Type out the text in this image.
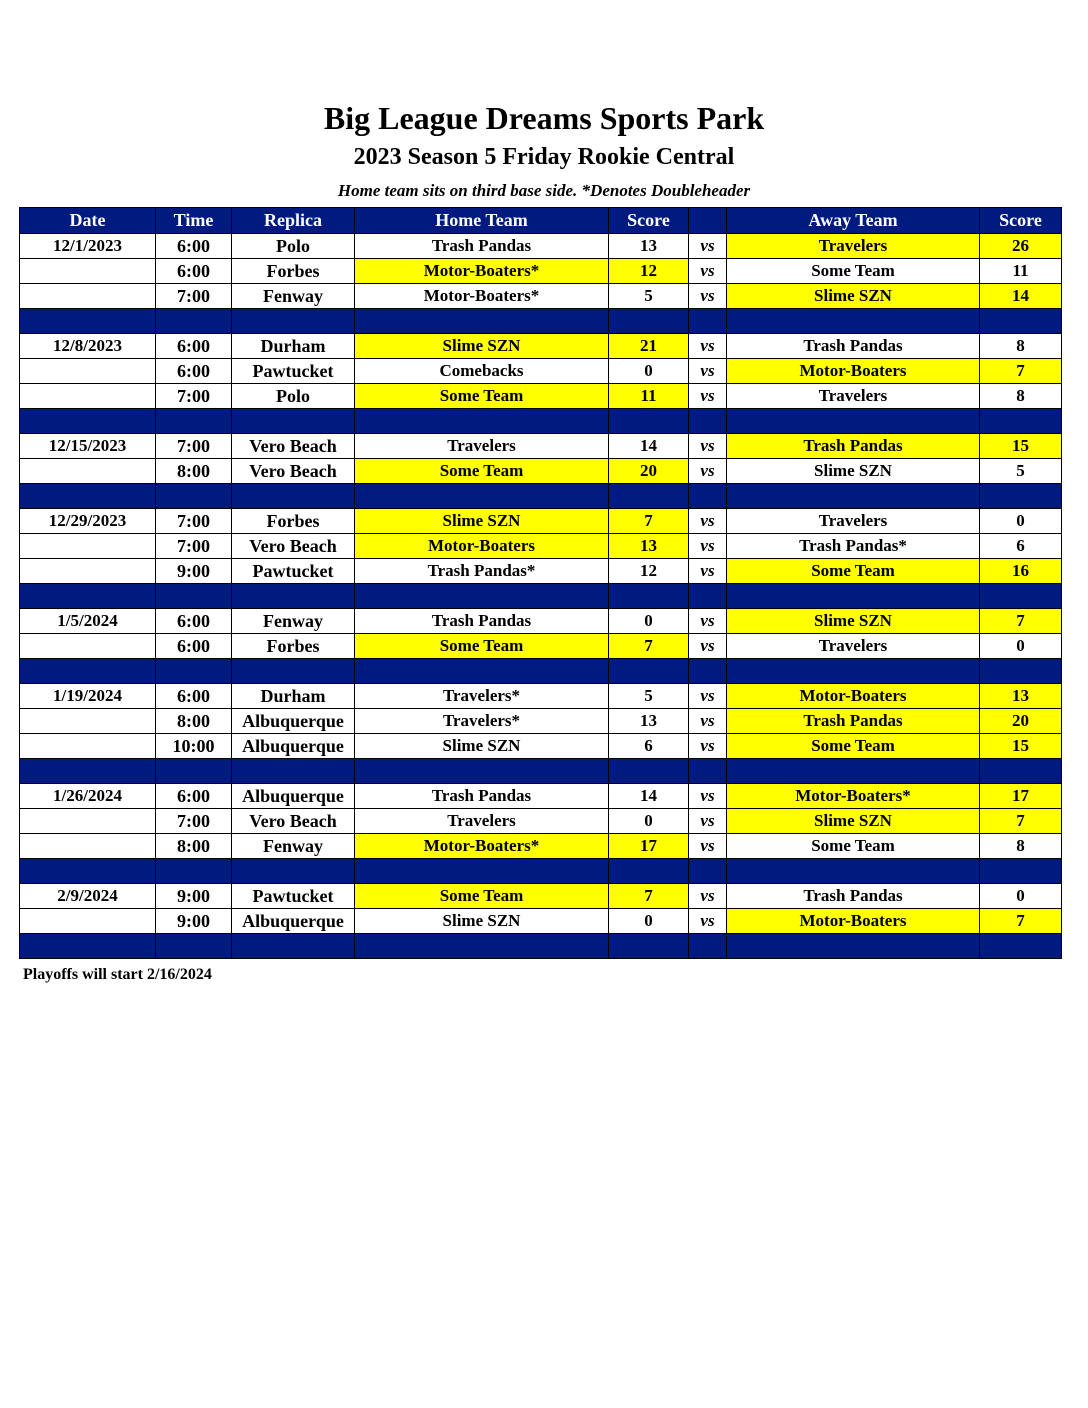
Big League Dreams Sports Park
2023 Season 5 Friday Rookie Central
Home team sits on third base side. *Denotes Doubleheader
Date	Time	Replica	Home Team	Score		Away Team	Score
12/1/2023	6:00	Polo	Trash Pandas	13	vs	Travelers	26
	6:00	Forbes	Motor-Boaters*	12	vs	Some Team	11
	7:00	Fenway	Motor-Boaters*	5	vs	Slime SZN	14

12/8/2023	6:00	Durham	Slime SZN	21	vs	Trash Pandas	8
	6:00	Pawtucket	Comebacks	0	vs	Motor-Boaters	7
	7:00	Polo	Some Team	11	vs	Travelers	8

12/15/2023	7:00	Vero Beach	Travelers	14	vs	Trash Pandas	15
	8:00	Vero Beach	Some Team	20	vs	Slime SZN	5

12/29/2023	7:00	Forbes	Slime SZN	7	vs	Travelers	0
	7:00	Vero Beach	Motor-Boaters	13	vs	Trash Pandas*	6
	9:00	Pawtucket	Trash Pandas*	12	vs	Some Team	16

1/5/2024	6:00	Fenway	Trash Pandas	0	vs	Slime SZN	7
	6:00	Forbes	Some Team	7	vs	Travelers	0

1/19/2024	6:00	Durham	Travelers*	5	vs	Motor-Boaters	13
	8:00	Albuquerque	Travelers*	13	vs	Trash Pandas	20
	10:00	Albuquerque	Slime SZN	6	vs	Some Team	15

1/26/2024	6:00	Albuquerque	Trash Pandas	14	vs	Motor-Boaters*	17
	7:00	Vero Beach	Travelers	0	vs	Slime SZN	7
	8:00	Fenway	Motor-Boaters*	17	vs	Some Team	8

2/9/2024	9:00	Pawtucket	Some Team	7	vs	Trash Pandas	0
	9:00	Albuquerque	Slime SZN	0	vs	Motor-Boaters	7

Playoffs will start 2/16/2024
